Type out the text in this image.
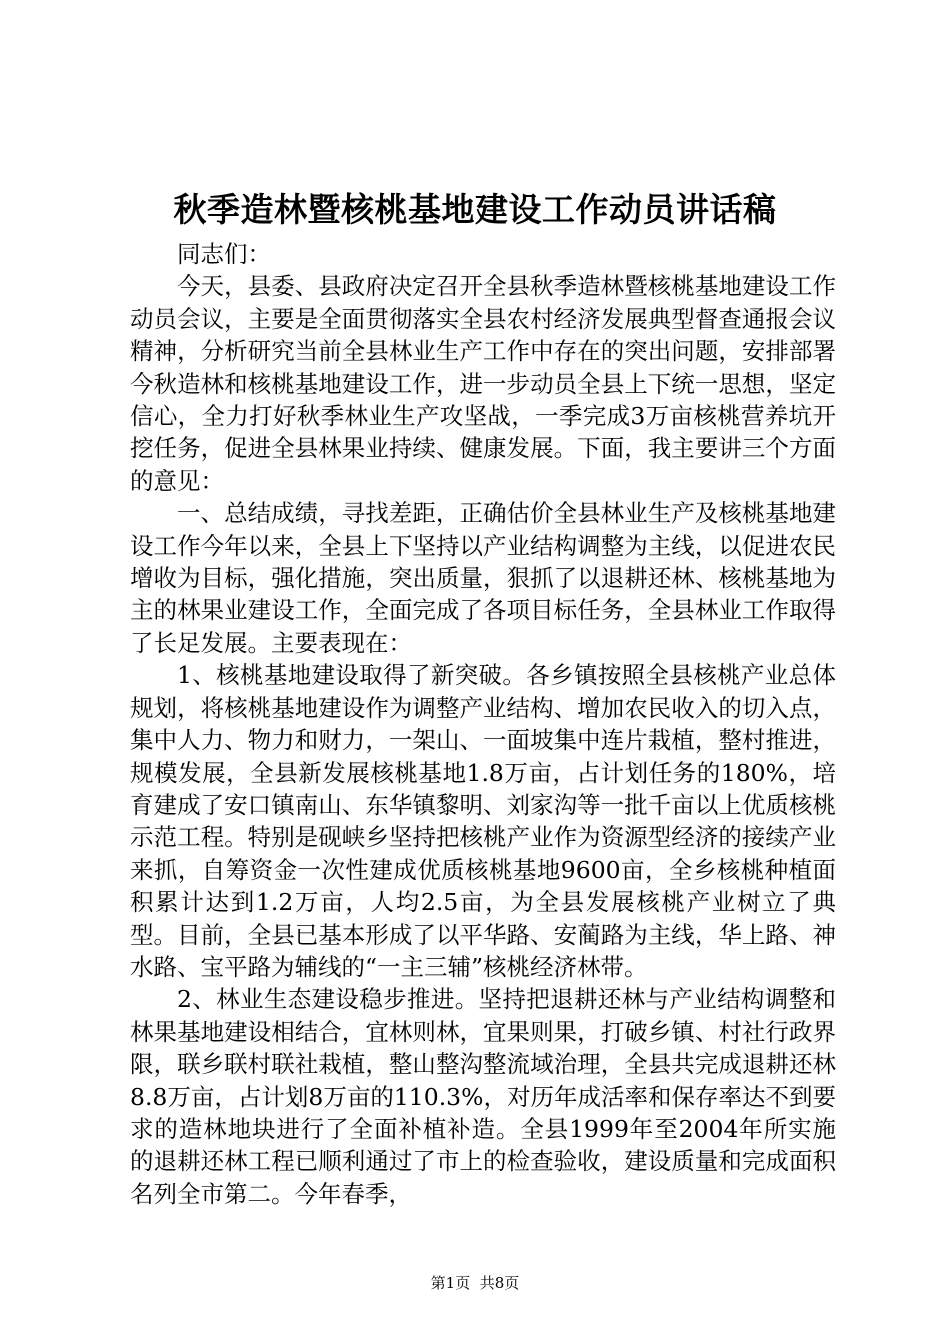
秋季造林暨核桃基地建设工作动员讲话稿

同志们：

今天，县委、县政府决定召开全县秋季造林暨核桃基地建设工作动员会议，主要是全面贯彻落实全县农村经济发展典型督查通报会议精神，分析研究当前全县林业生产工作中存在的突出问题，安排部署今秋造林和核桃基地建设工作，进一步动员全县上下统一思想，坚定信心，全力打好秋季林业生产攻坚战，一季完成3万亩核桃营养坑开挖任务，促进全县林果业持续、健康发展。下面，我主要讲三个方面的意见：

一、总结成绩，寻找差距，正确估价全县林业生产及核桃基地建设工作今年以来，全县上下坚持以产业结构调整为主线，以促进农民增收为目标，强化措施，突出质量，狠抓了以退耕还林、核桃基地为主的林果业建设工作，全面完成了各项目标任务，全县林业工作取得了长足发展。主要表现在：

1、核桃基地建设取得了新突破。各乡镇按照全县核桃产业总体规划，将核桃基地建设作为调整产业结构、增加农民收入的切入点，集中人力、物力和财力，一架山、一面坡集中连片栽植，整村推进，规模发展，全县新发展核桃基地1.8万亩，占计划任务的180%，培育建成了安口镇南山、东华镇黎明、刘家沟等一批千亩以上优质核桃示范工程。特别是砚峡乡坚持把核桃产业作为资源型经济的接续产业来抓，自筹资金一次性建成优质核桃基地9600亩，全乡核桃种植面积累计达到1.2万亩，人均2.5亩，为全县发展核桃产业树立了典型。目前，全县已基本形成了以平华路、安蔺路为主线，华上路、神水路、宝平路为辅线的“一主三辅”核桃经济林带。

2、林业生态建设稳步推进。坚持把退耕还林与产业结构调整和林果基地建设相结合，宜林则林，宜果则果，打破乡镇、村社行政界限，联乡联村联社栽植，整山整沟整流域治理，全县共完成退耕还林8.8万亩，占计划8万亩的110.3%，对历年成活率和保存率达不到要求的造林地块进行了全面补植补造。全县1999年至2004年所实施的退耕还林工程已顺利通过了市上的检查验收，建设质量和完成面积名列全市第二。今年春季，

第1页 共8页
